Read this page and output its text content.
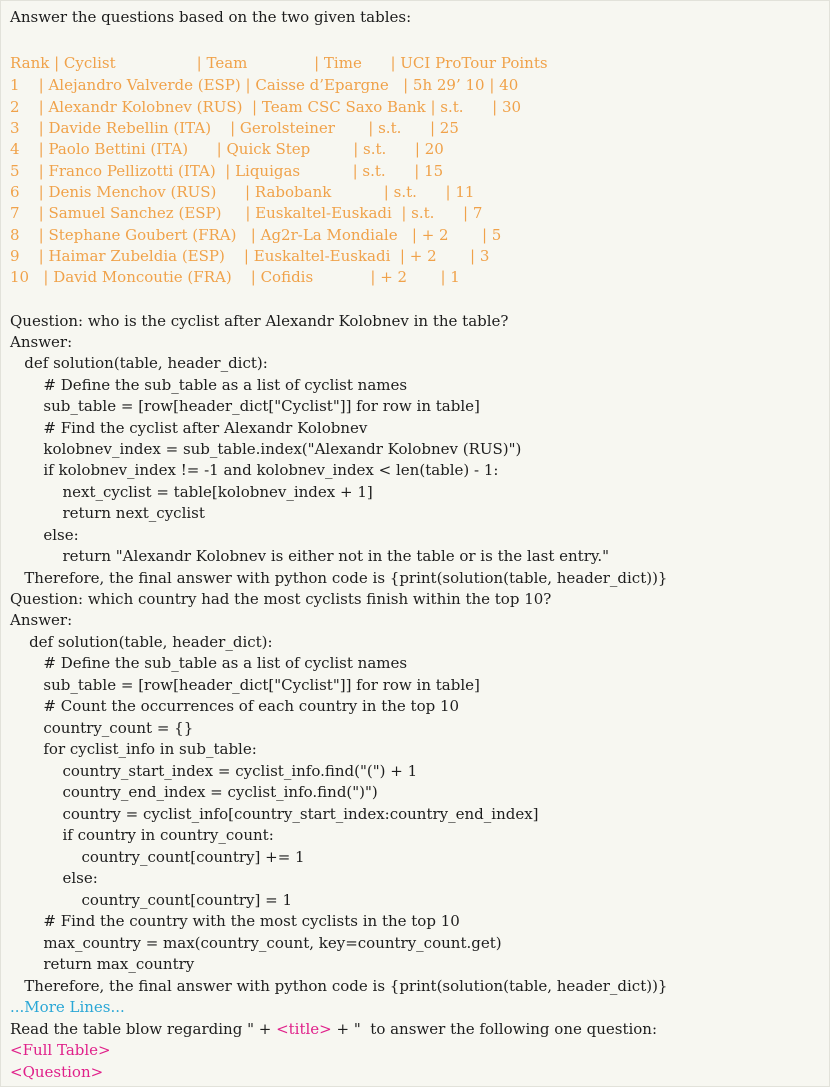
Answer the questions based on the two given tables:
Rank | Cyclist                 | Team              | Time      | UCI ProTour Points
1    | Alejandro Valverde (ESP) | Caisse d’Epargne   | 5h 29’ 10 | 40
2    | Alexandr Kolobnev (RUS)  | Team CSC Saxo Bank | s.t.      | 30
3    | Davide Rebellin (ITA)    | Gerolsteiner       | s.t.      | 25
4    | Paolo Bettini (ITA)      | Quick Step         | s.t.      | 20
5    | Franco Pellizotti (ITA)  | Liquigas           | s.t.      | 15
6    | Denis Menchov (RUS)      | Rabobank           | s.t.      | 11
7    | Samuel Sanchez (ESP)     | Euskaltel-Euskadi  | s.t.      | 7
8    | Stephane Goubert (FRA)   | Ag2r-La Mondiale   | + 2       | 5
9    | Haimar Zubeldia (ESP)    | Euskaltel-Euskadi  | + 2       | 3
10   | David Moncoutie (FRA)    | Cofidis            | + 2       | 1
Question: who is the cyclist after Alexandr Kolobnev in the table?
Answer:
def solution(table, header_dict):
# Define the sub_table as a list of cyclist names
sub_table = [row[header_dict["Cyclist"]] for row in table]
# Find the cyclist after Alexandr Kolobnev
kolobnev_index = sub_table.index("Alexandr Kolobnev (RUS)")
if kolobnev_index != -1 and kolobnev_index < len(table) - 1:
next_cyclist = table[kolobnev_index + 1]
return next_cyclist
else:
return "Alexandr Kolobnev is either not in the table or is the last entry."
Therefore, the final answer with python code is {print(solution(table, header_dict))}
Question: which country had the most cyclists finish within the top 10?
Answer:
def solution(table, header_dict):
# Define the sub_table as a list of cyclist names
sub_table = [row[header_dict["Cyclist"]] for row in table]
# Count the occurrences of each country in the top 10
country_count = {}
for cyclist_info in sub_table:
country_start_index = cyclist_info.find("(") + 1
country_end_index = cyclist_info.find(")")
country = cyclist_info[country_start_index:country_end_index]
if country in country_count:
country_count[country] += 1
else:
country_count[country] = 1
# Find the country with the most cyclists in the top 10
max_country = max(country_count, key=country_count.get)
return max_country
Therefore, the final answer with python code is {print(solution(table, header_dict))}
...More Lines...
Read the table blow regarding " + <title> + "  to answer the following one question:
<Full Table>
<Question>
